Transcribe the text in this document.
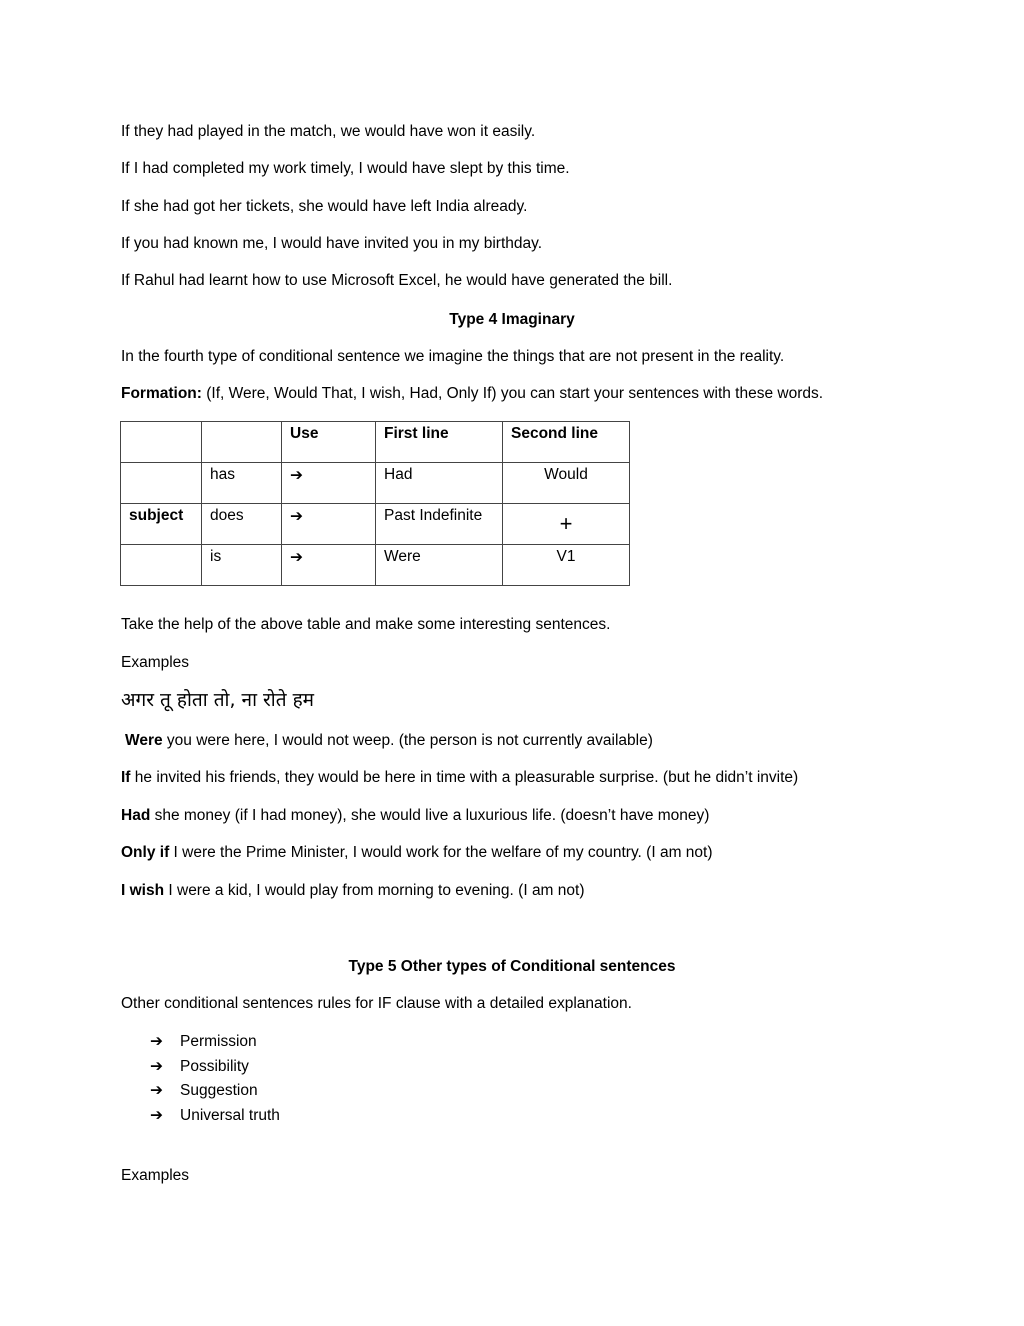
If they had played in the match, we would have won it easily.
If I had completed my work timely, I would have slept by this time.
If she had got her tickets, she would have left India already.
If you had known me, I would have invited you in my birthday.
If Rahul had learnt how to use Microsoft Excel, he would have generated the bill.
Type 4 Imaginary
In the fourth type of conditional sentence we imagine the things that are not present in the reality.
Formation: (If, Were, Would That, I wish, Had, Only If) you can start your sentences with these words.
		Use	First line	Second line
	has	➔	Had	Would
subject	does	➔	Past Indefinite	+
	is	➔	Were	V1
Take the help of the above table and make some interesting sentences.
Examples
अगर तू होता तो, ना रोते हम
Were you were here, I would not weep. (the person is not currently available)
If he invited his friends, they would be here in time with a pleasurable surprise. (but he didn’t invite)
Had she money (if I had money), she would live a luxurious life. (doesn’t have money)
Only if I were the Prime Minister, I would work for the welfare of my country. (I am not)
I wish I were a kid, I would play from morning to evening. (I am not)
Type 5 Other types of Conditional sentences
Other conditional sentences rules for IF clause with a detailed explanation.
➔ Permission
➔ Possibility
➔ Suggestion
➔ Universal truth
Examples
